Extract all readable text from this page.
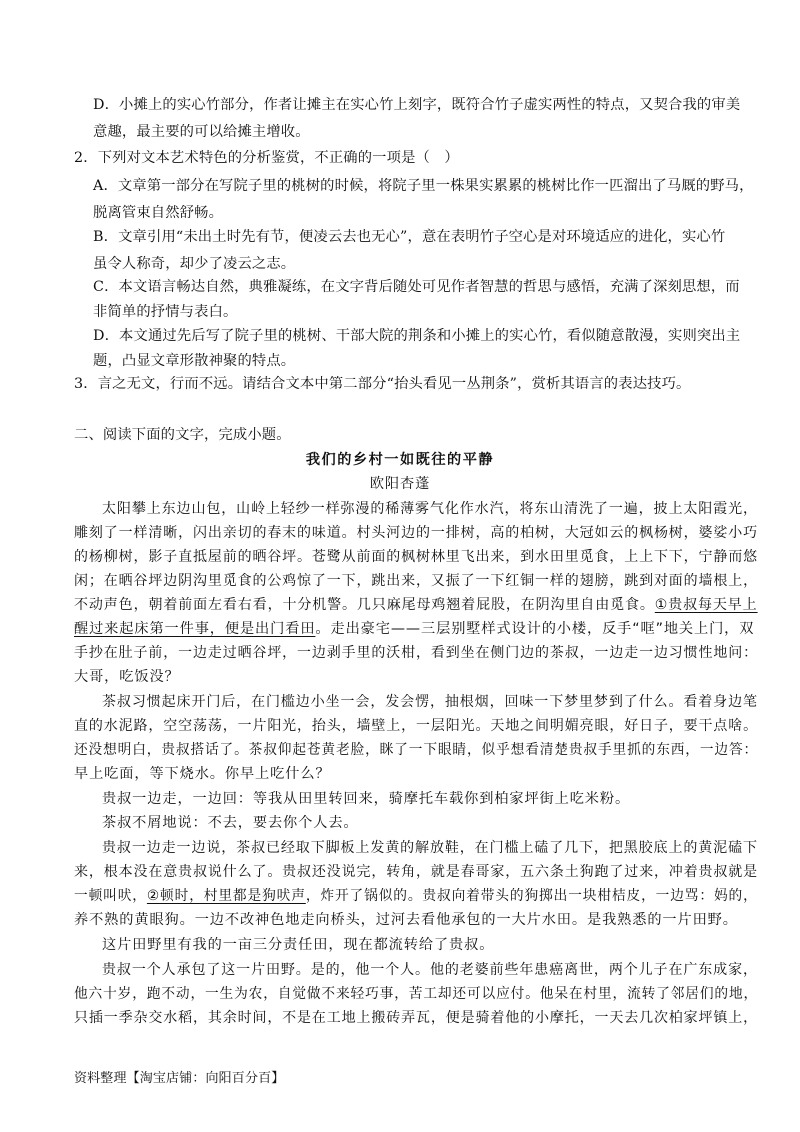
D．小摊上的实心竹部分，作者让摊主在实心竹上刻字，既符合竹子虚实两性的特点，又契合我的审美
意趣，最主要的可以给摊主增收。
2．下列对文本艺术特色的分析鉴赏，不正确的一项是（　）
A．文章第一部分在写院子里的桃树的时候，将院子里一株果实累累的桃树比作一匹溜出了马厩的野马，
脱离管束自然舒畅。
B．文章引用“未出土时先有节，便凌云去也无心”，意在表明竹子空心是对环境适应的进化，实心竹
虽令人称奇，却少了凌云之志。
C．本文语言畅达自然，典雅凝练，在文字背后随处可见作者智慧的哲思与感悟，充满了深刻思想，而
非简单的抒情与表白。
D．本文通过先后写了院子里的桃树、干部大院的荆条和小摊上的实心竹，看似随意散漫，实则突出主
题，凸显文章形散神聚的特点。
3．言之无文，行而不远。请结合文本中第二部分“抬头看见一丛荆条”，赏析其语言的表达技巧。
二、阅读下面的文字，完成小题。
我们的乡村一如既往的平静
欧阳杏蓬
太阳攀上东边山包，山岭上轻纱一样弥漫的稀薄雾气化作水汽，将东山清洗了一遍，披上太阳霞光，
雕刻了一样清晰，闪出亲切的春末的味道。村头河边的一排树，高的柏树，大冠如云的枫杨树，婆娑小巧
的杨柳树，影子直抵屋前的晒谷坪。苍鹭从前面的枫树林里飞出来，到水田里觅食，上上下下，宁静而悠
闲；在晒谷坪边阴沟里觅食的公鸡惊了一下，跳出来，又振了一下红铜一样的翅膀，跳到对面的墙根上，
不动声色，朝着前面左看右看，十分机警。几只麻尾母鸡翘着屁股，在阴沟里自由觅食。①贵叔每天早上
醒过来起床第一件事，便是出门看田。走出豪宅——三层别墅样式设计的小楼，反手“哐”地关上门，双
手抄在肚子前，一边走过晒谷坪，一边剥手里的沃柑，看到坐在侧门边的茶叔，一边走一边习惯性地问：
大哥，吃饭没？
茶叔习惯起床开门后，在门槛边小坐一会，发会愣，抽根烟，回味一下梦里梦到了什么。看着身边笔
直的水泥路，空空荡荡，一片阳光，抬头，墙壁上，一层阳光。天地之间明媚亮眼，好日子，要干点啥。
还没想明白，贵叔搭话了。茶叔仰起苍黄老脸，眯了一下眼睛，似乎想看清楚贵叔手里抓的东西，一边答：
早上吃面，等下烧水。你早上吃什么？
贵叔一边走，一边回：等我从田里转回来，骑摩托车载你到柏家坪街上吃米粉。
茶叔不屑地说：不去，要去你个人去。
贵叔一边走一边说，茶叔已经取下脚板上发黄的解放鞋，在门槛上磕了几下，把黑胶底上的黄泥磕下
来，根本没在意贵叔说什么了。贵叔还没说完，转角，就是春哥家，五六条土狗跑了过来，冲着贵叔就是
一顿叫吠，②顿时，村里都是狗吠声，炸开了锅似的。贵叔向着带头的狗掷出一块柑桔皮，一边骂：妈的，
养不熟的黄眼狗。一边不改神色地走向桥头，过河去看他承包的一大片水田。是我熟悉的一片田野。
这片田野里有我的一亩三分责任田，现在都流转给了贵叔。
贵叔一个人承包了这一片田野。是的，他一个人。他的老婆前些年患癌离世，两个儿子在广东成家，
他六十岁，跑不动，一生为农，自觉做不来轻巧事，苦工却还可以应付。他呆在村里，流转了邻居们的地，
只插一季杂交水稻，其余时间，不是在工地上搬砖弄瓦，便是骑着他的小摩托，一天去几次柏家坪镇上，
资料整理【淘宝店铺：向阳百分百】
